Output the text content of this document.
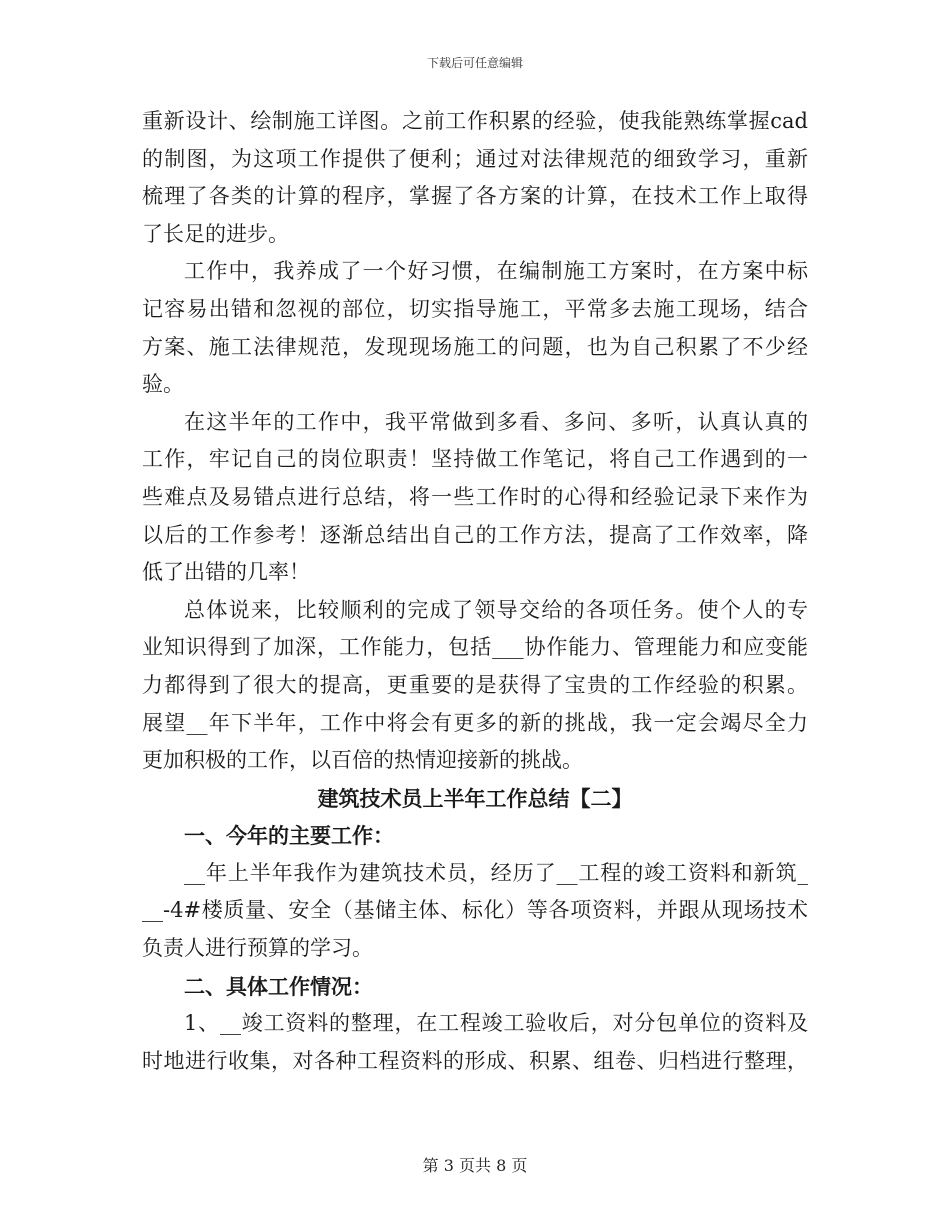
下载后可任意编辑
重新设计、绘制施工详图。之前工作积累的经验，使我能熟练掌握cad
的制图，为这项工作提供了便利；通过对法律规范的细致学习，重新
梳理了各类的计算的程序，掌握了各方案的计算，在技术工作上取得
了长足的进步。
工作中，我养成了一个好习惯，在编制施工方案时，在方案中标
记容易出错和忽视的部位，切实指导施工，平常多去施工现场，结合
方案、施工法律规范，发现现场施工的问题，也为自己积累了不少经
验。
在这半年的工作中，我平常做到多看、多问、多听，认真认真的
工作，牢记自己的岗位职责！坚持做工作笔记，将自己工作遇到的一
些难点及易错点进行总结，将一些工作时的心得和经验记录下来作为
以后的工作参考！逐渐总结出自己的工作方法，提高了工作效率，降
低了出错的几率！
总体说来，比较顺利的完成了领导交给的各项任务。使个人的专
业知识得到了加深，工作能力，包括___协作能力、管理能力和应变能
力都得到了很大的提高，更重要的是获得了宝贵的工作经验的积累。
展望__年下半年，工作中将会有更多的新的挑战，我一定会竭尽全力
更加积极的工作，以百倍的热情迎接新的挑战。
建筑技术员上半年工作总结【二】
一、今年的主要工作：
__年上半年我作为建筑技术员，经历了__工程的竣工资料和新筑_
__-4#楼质量、安全（基储主体、标化）等各项资料，并跟从现场技术
负责人进行预算的学习。
二、具体工作情况：
1、__竣工资料的整理，在工程竣工验收后，对分包单位的资料及
时地进行收集，对各种工程资料的形成、积累、组卷、归档进行整理，
第 3 页共 8 页
